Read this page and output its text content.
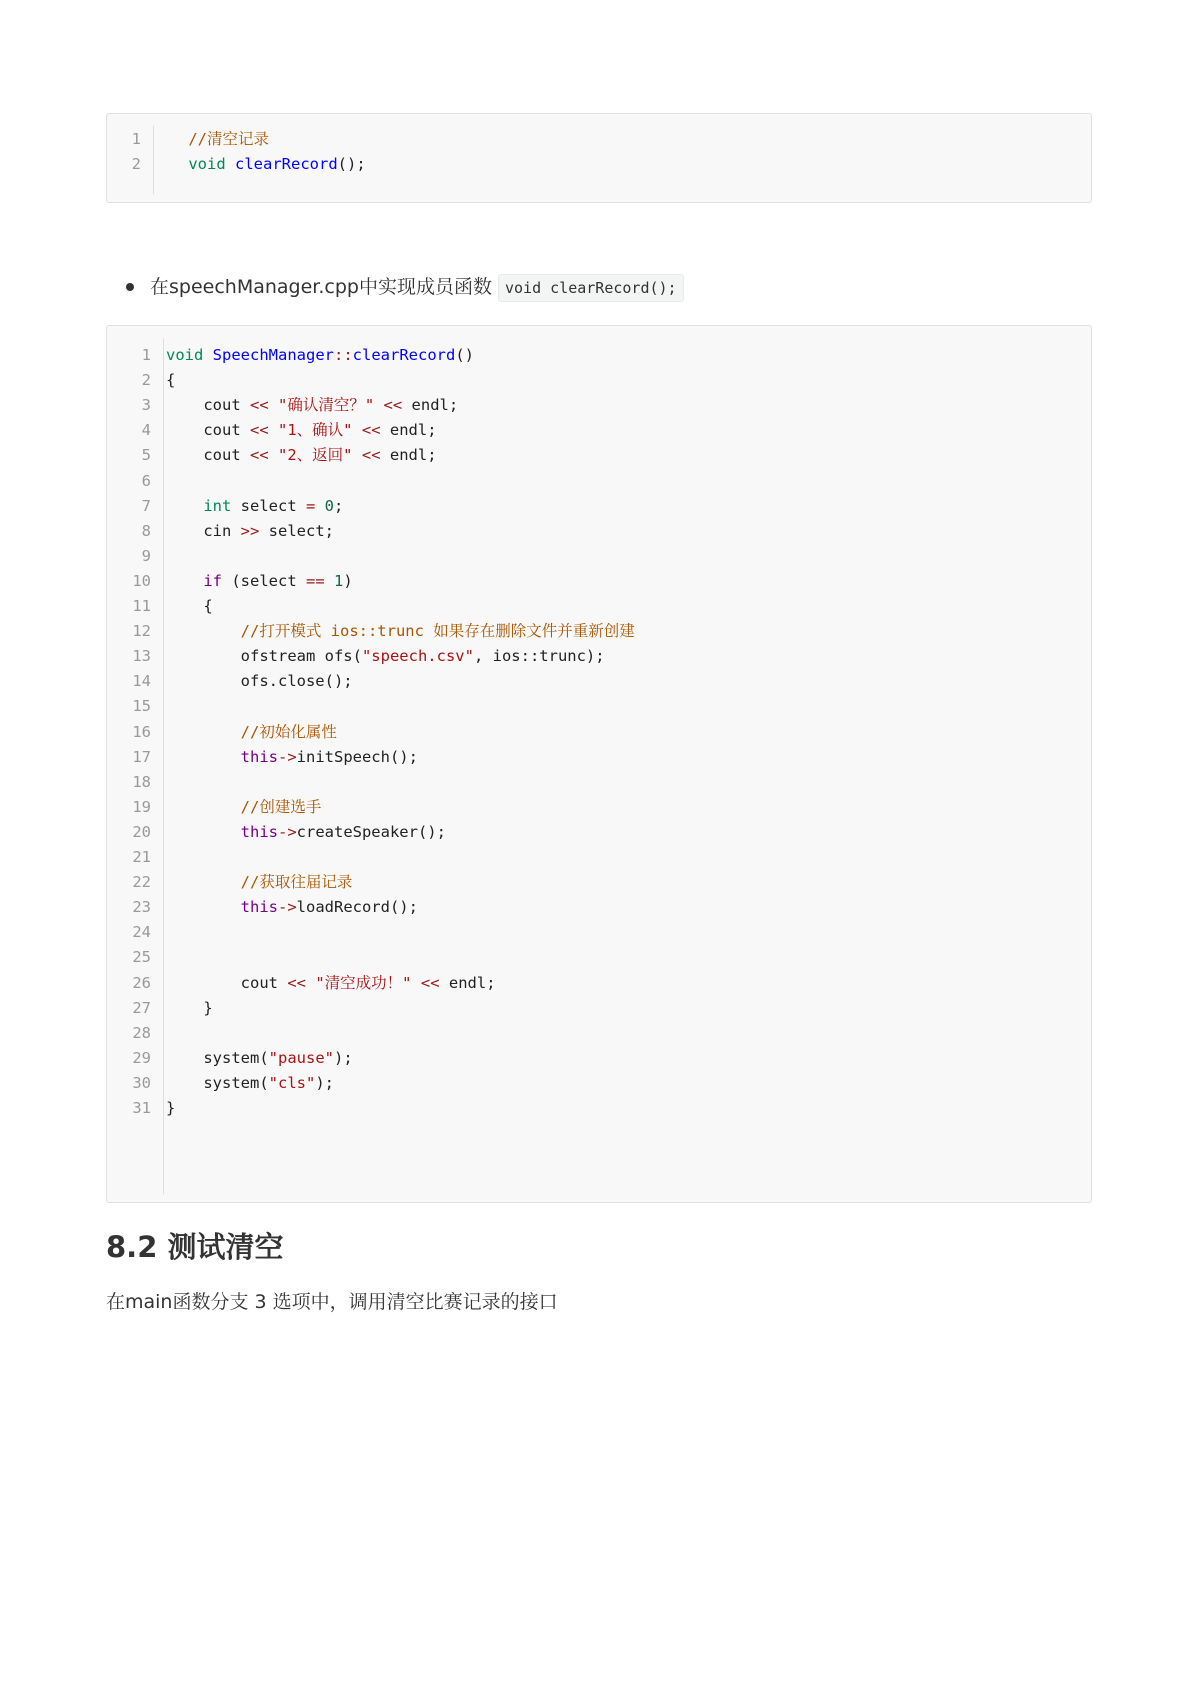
1	//清空记录
2	void clearRecord();
在speechManager.cpp中实现成员函数 void clearRecord();
1 void SpeechManager::clearRecord()
2 {
3 cout << "确认清空？" << endl;
4 cout << "1、确认" << endl;
5 cout << "2、返回" << endl;
6
7	int select = 0;
8 cin >> select;
9
10	if (select == 1)
11 {
12	//打开模式 ios::trunc 如果存在删除文件并重新创建
13 ofstream ofs("speech.csv", ios::trunc);
14 ofs.close();
15
16	//初始化属性
17	this->initSpeech();
18
19	//创建选手
20	this->createSpeaker();
21
22	//获取往届记录
23	this->loadRecord();
24
25
26 cout << "清空成功！" << endl;
27 }
28
29 system("pause");
30 system("cls");
31 }
8.2 测试清空

在main函数分支 3 选项中，调用清空比赛记录的接口
